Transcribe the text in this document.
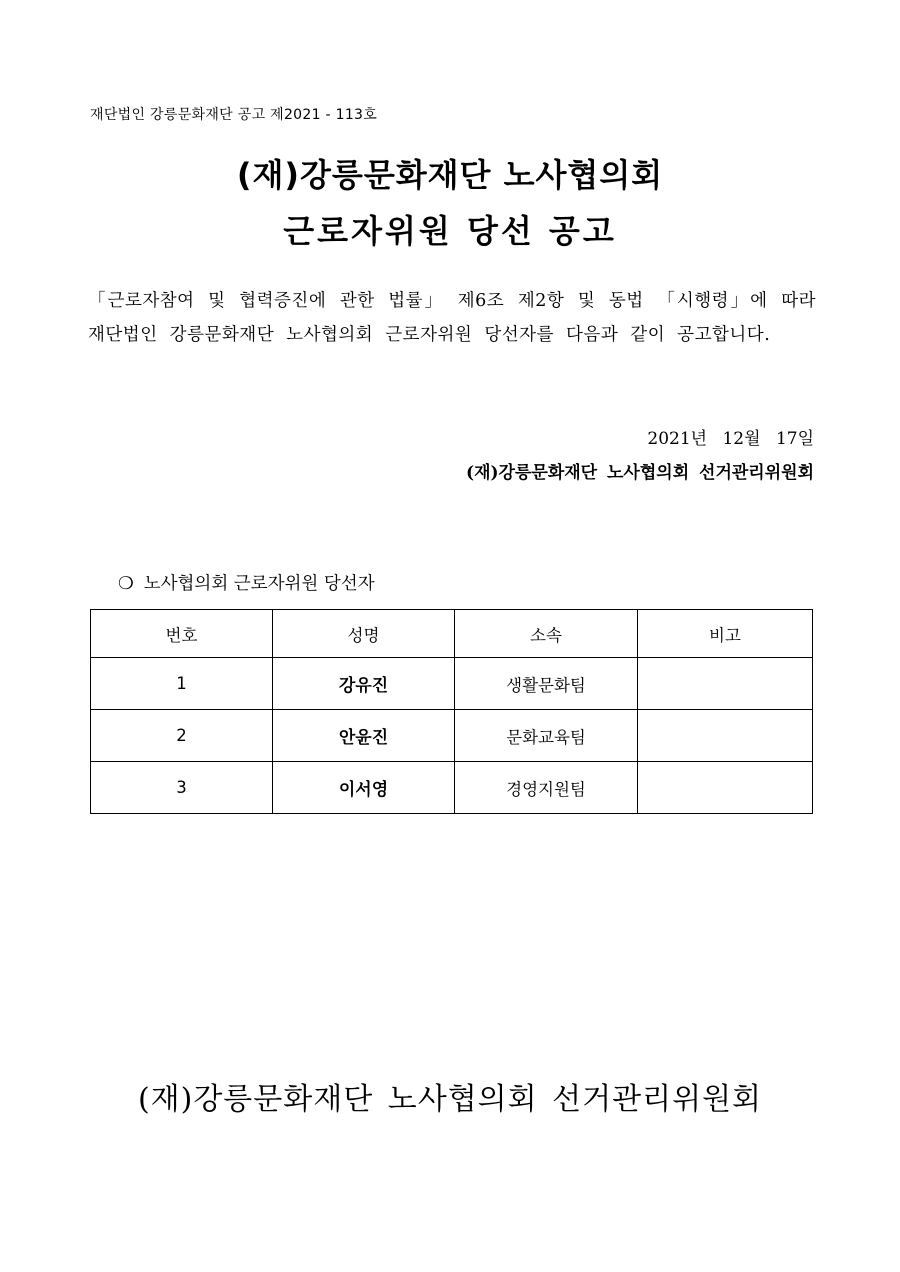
재단법인 강릉문화재단 공고 제2021 - 113호
(재)강릉문화재단 노사협의회
근로자위원 당선 공고
「근로자참여 및 협력증진에 관한 법률」 제6조 제2항 및 동법 「시행령」에 따라 재단법인 강릉문화재단 노사협의회 근로자위원 당선자를 다음과 같이 공고합니다.
2021년 12월 17일
(재)강릉문화재단 노사협의회 선거관리위원회
❍ 노사협의회 근로자위원 당선자
번호	성명	소속	비고
1	강유진	생활문화팀	
2	안윤진	문화교육팀	
3	이서영	경영지원팀	
(재)강릉문화재단 노사협의회 선거관리위원회
